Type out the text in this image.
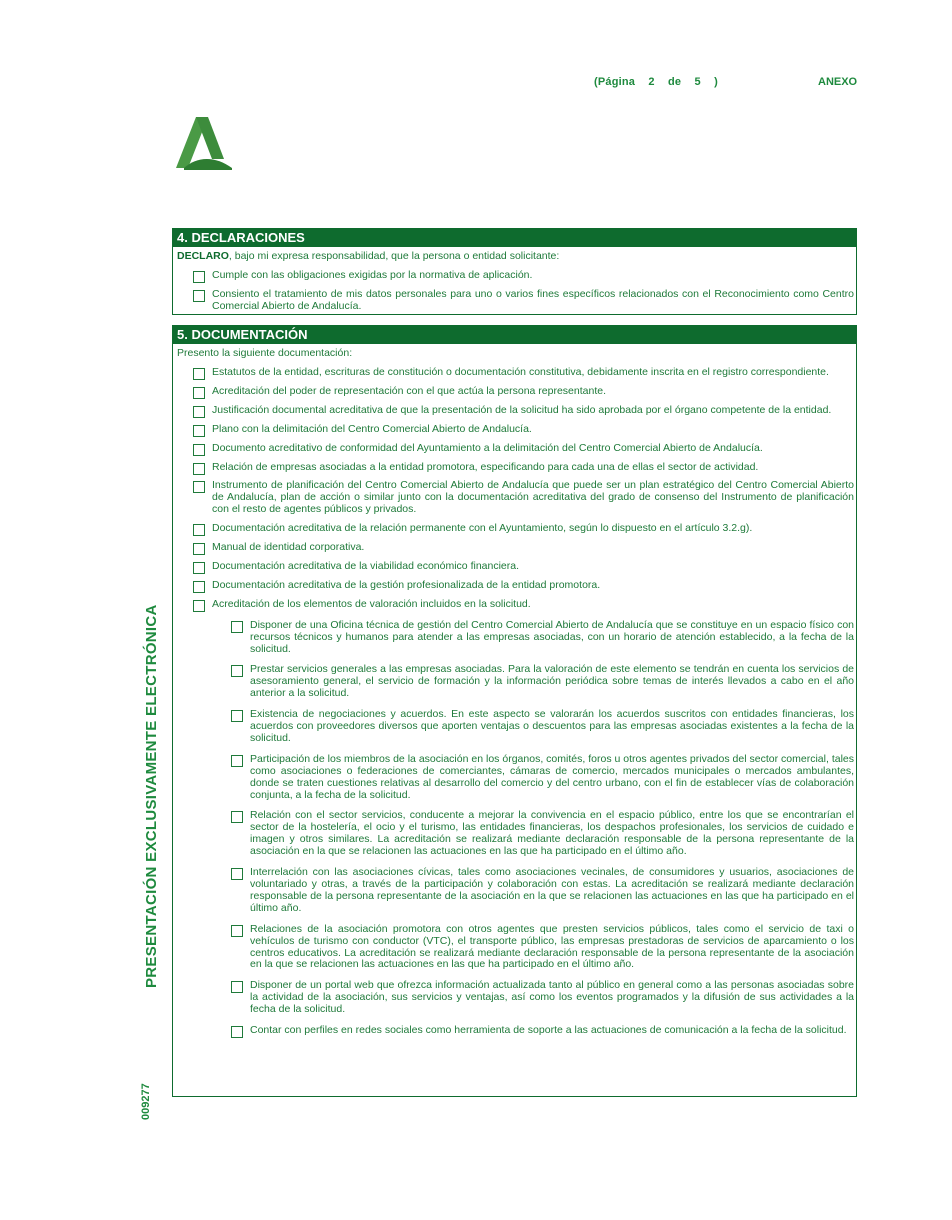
(Página 2 de 5 )	ANEXO
PRESENTACIÓN EXCLUSIVAMENTE ELECTRÓNICA
009277
4. DECLARACIONES
DECLARO, bajo mi expresa responsabilidad, que la persona o entidad solicitante:
Cumple con las obligaciones exigidas por la normativa de aplicación.
Consiento el tratamiento de mis datos personales para uno o varios fines específicos relacionados con el Reconocimiento como Centro Comercial Abierto de Andalucía.
5. DOCUMENTACIÓN
Presento la siguiente documentación:
Estatutos de la entidad, escrituras de constitución o documentación constitutiva, debidamente inscrita en el registro correspondiente.
Acreditación del poder de representación con el que actúa la persona representante.
Justificación documental acreditativa de que la presentación de la solicitud ha sido aprobada por el órgano competente de la entidad.
Plano con la delimitación del Centro Comercial Abierto de Andalucía.
Documento acreditativo de conformidad del Ayuntamiento a la delimitación del Centro Comercial Abierto de Andalucía.
Relación de empresas asociadas a la entidad promotora, especificando para cada una de ellas el sector de actividad.
Instrumento de planificación del Centro Comercial Abierto de Andalucía que puede ser un plan estratégico del Centro Comercial Abierto de Andalucía, plan de acción o similar junto con la documentación acreditativa del grado de consenso del Instrumento de planificación con el resto de agentes públicos y privados.
Documentación acreditativa de la relación permanente con el Ayuntamiento, según lo dispuesto en el artículo 3.2.g).
Manual de identidad corporativa.
Documentación acreditativa de la viabilidad económico financiera.
Documentación acreditativa de la gestión profesionalizada de la entidad promotora.
Acreditación de los elementos de valoración incluidos en la solicitud.
Disponer de una Oficina técnica de gestión del Centro Comercial Abierto de Andalucía que se constituye en un espacio físico con recursos técnicos y humanos para atender a las empresas asociadas, con un horario de atención establecido, a la fecha de la solicitud.
Prestar servicios generales a las empresas asociadas. Para la valoración de este elemento se tendrán en cuenta los servicios de asesoramiento general, el servicio de formación y la información periódica sobre temas de interés llevados a cabo en el año anterior a la solicitud.
Existencia de negociaciones y acuerdos. En este aspecto se valorarán los acuerdos suscritos con entidades financieras, los acuerdos con proveedores diversos que aporten ventajas o descuentos para las empresas asociadas existentes a la fecha de la solicitud.
Participación de los miembros de la asociación en los órganos, comités, foros u otros agentes privados del sector comercial, tales como asociaciones o federaciones de comerciantes, cámaras de comercio, mercados municipales o mercados ambulantes, donde se traten cuestiones relativas al desarrollo del comercio y del centro urbano, con el fin de establecer vías de colaboración conjunta, a la fecha de la solicitud.
Relación con el sector servicios, conducente a mejorar la convivencia en el espacio público, entre los que se encontrarían el sector de la hostelería, el ocio y el turismo, las entidades financieras, los despachos profesionales, los servicios de cuidado e imagen y otros similares. La acreditación se realizará mediante declaración responsable de la persona representante de la asociación en la que se relacionen las actuaciones en las que ha participado en el último año.
Interrelación con las asociaciones cívicas, tales como asociaciones vecinales, de consumidores y usuarios, asociaciones de voluntariado y otras, a través de la participación y colaboración con estas. La acreditación se realizará mediante declaración responsable de la persona representante de la asociación en la que se relacionen las actuaciones en las que ha participado en el último año.
Relaciones de la asociación promotora con otros agentes que presten servicios públicos, tales como el servicio de taxi o vehículos de turismo con conductor (VTC), el transporte público, las empresas prestadoras de servicios de aparcamiento o los centros educativos. La acreditación se realizará mediante declaración responsable de la persona representante de la asociación en la que se relacionen las actuaciones en las que ha participado en el último año.
Disponer de un portal web que ofrezca información actualizada tanto al público en general como a las personas asociadas sobre la actividad de la asociación, sus servicios y ventajas, así como los eventos programados y la difusión de sus actividades a la fecha de la solicitud.
Contar con perfiles en redes sociales como herramienta de soporte a las actuaciones de comunicación a la fecha de la solicitud.
